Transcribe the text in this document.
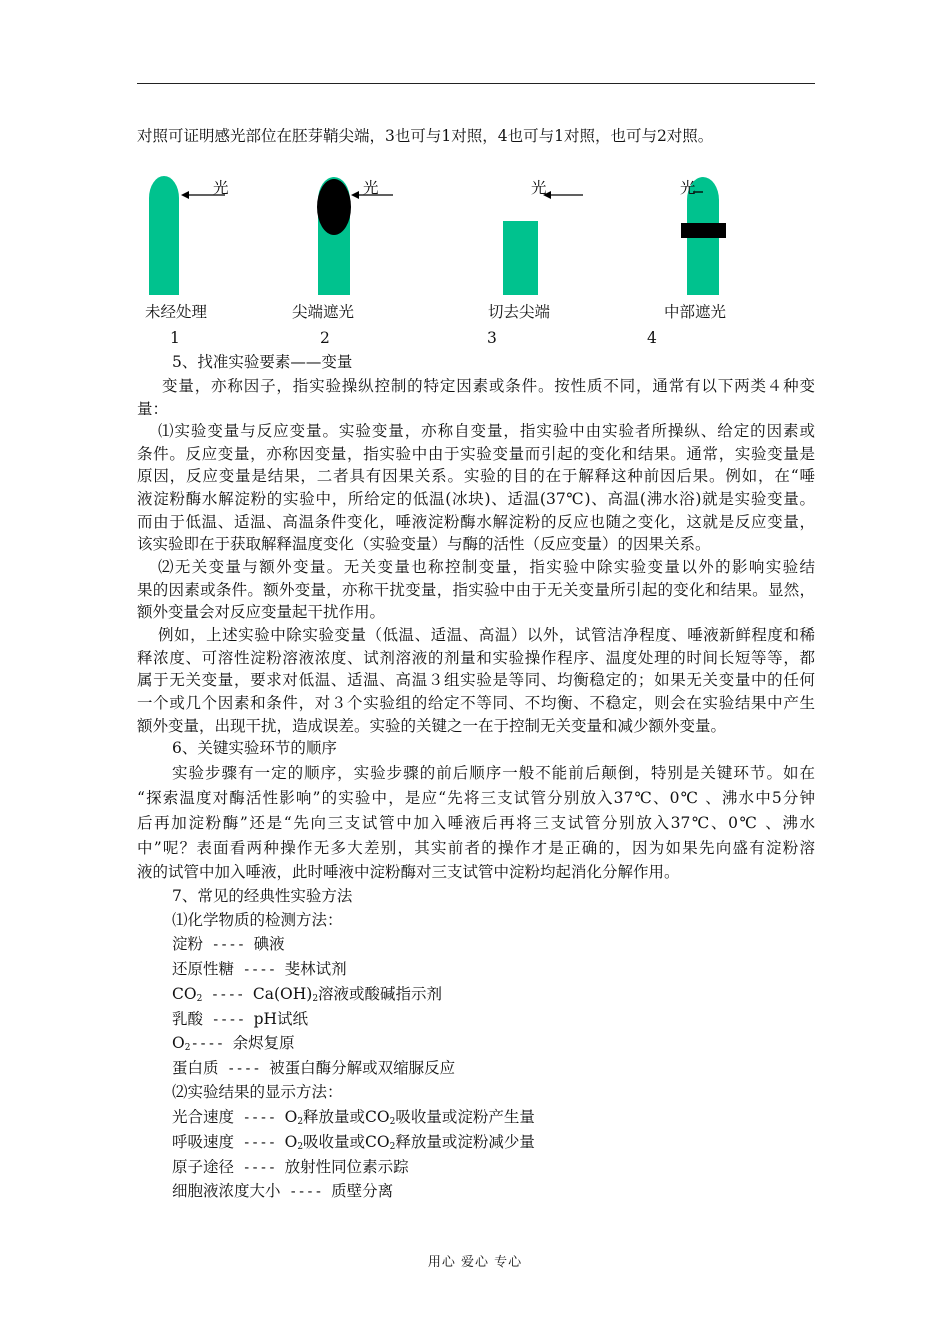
对照可证明感光部位在胚芽鞘尖端，3也可与1对照，4也可与1对照，也可与2对照。
光	光	光	光
未经处理	尖端遮光	切去尖端	中部遮光
1	2	3	4
5、找准实验要素——变量
变量，亦称因子，指实验操纵控制的特定因素或条件。按性质不同，通常有以下两类４种变
量：
⑴实验变量与反应变量。实验变量，亦称自变量，指实验中由实验者所操纵、给定的因素或
条件。反应变量，亦称因变量，指实验中由于实验变量而引起的变化和结果。通常，实验变量是
原因，反应变量是结果，二者具有因果关系。实验的目的在于解释这种前因后果。例如，在“唾
液淀粉酶水解淀粉的实验中，所给定的低温(冰块)、适温(37℃)、高温(沸水浴)就是实验变量。
而由于低温、适温、高温条件变化，唾液淀粉酶水解淀粉的反应也随之变化，这就是反应变量，
该实验即在于获取解释温度变化（实验变量）与酶的活性（反应变量）的因果关系。
⑵无关变量与额外变量。无关变量也称控制变量，指实验中除实验变量以外的影响实验结
果的因素或条件。额外变量，亦称干扰变量，指实验中由于无关变量所引起的变化和结果。显然，
额外变量会对反应变量起干扰作用。
例如，上述实验中除实验变量（低温、适温、高温）以外，试管洁净程度、唾液新鲜程度和稀
释浓度、可溶性淀粉溶液浓度、试剂溶液的剂量和实验操作程序、温度处理的时间长短等等，都
属于无关变量，要求对低温、适温、高温３组实验是等同、均衡稳定的；如果无关变量中的任何
一个或几个因素和条件，对３个实验组的给定不等同、不均衡、不稳定，则会在实验结果中产生
额外变量，出现干扰，造成误差。实验的关键之一在于控制无关变量和减少额外变量。
6、关键实验环节的顺序
实验步骤有一定的顺序，实验步骤的前后顺序一般不能前后颠倒，特别是关键环节。如在
“探索温度对酶活性影响”的实验中，是应“先将三支试管分别放入37℃、0℃ 、沸水中5分钟
后再加淀粉酶”还是“先向三支试管中加入唾液后再将三支试管分别放入37℃、0℃ 、沸水
中”呢？表面看两种操作无多大差别，其实前者的操作才是正确的，因为如果先向盛有淀粉溶
液的试管中加入唾液，此时唾液中淀粉酶对三支试管中淀粉均起消化分解作用。
7、常见的经典性实验方法
⑴化学物质的检测方法：
淀粉 ---- 碘液
还原性糖 ---- 斐林试剂
$CO_2$ ---- $Ca(OH)_2$溶液或酸碱指示剂
乳酸 ---- pH试纸
$O_2----$ 余烬复原
蛋白质 ---- 被蛋白酶分解或双缩脲反应
⑵实验结果的显示方法：
光合速度 ---- $O_2$释放量或$CO_2$吸收量或淀粉产生量
呼吸速度 ---- $O_2$吸收量或$CO_2$释放量或淀粉减少量
原子途径 ---- 放射性同位素示踪
细胞液浓度大小 ---- 质壁分离
用心 爱心 专心
